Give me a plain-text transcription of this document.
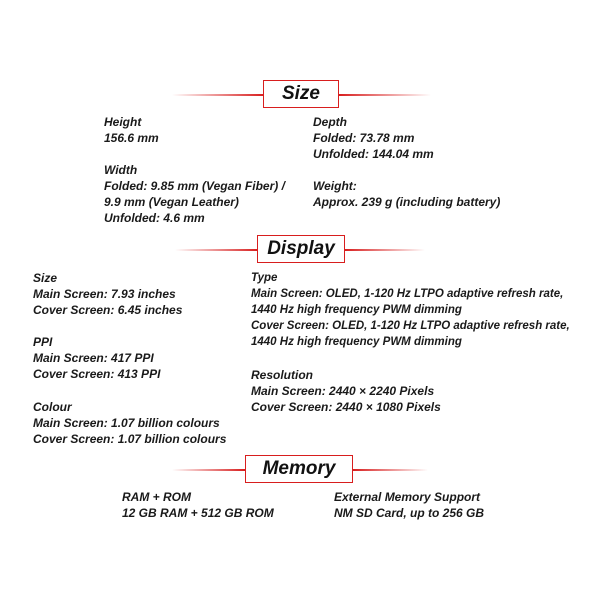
Size
Height
156.6 mm
Width
Folded: 9.85 mm (Vegan Fiber) /
9.9 mm (Vegan Leather)
Unfolded: 4.6 mm
Depth
Folded: 73.78 mm
Unfolded: 144.04 mm
Weight:
Approx. 239 g (including battery)
Display
Size
Main Screen: 7.93 inches
Cover Screen: 6.45 inches
PPI
Main Screen: 417 PPI
Cover Screen: 413 PPI
Colour
Main Screen: 1.07 billion colours
Cover Screen: 1.07 billion colours
Type
Main Screen: OLED, 1-120 Hz LTPO adaptive refresh rate,
1440 Hz high frequency PWM dimming
Cover Screen: OLED, 1-120 Hz LTPO adaptive refresh rate,
1440 Hz high frequency PWM dimming
Resolution
Main Screen: 2440 × 2240 Pixels
Cover Screen: 2440 × 1080 Pixels
Memory
RAM + ROM
12 GB RAM + 512 GB ROM
External Memory Support
NM SD Card, up to 256 GB
